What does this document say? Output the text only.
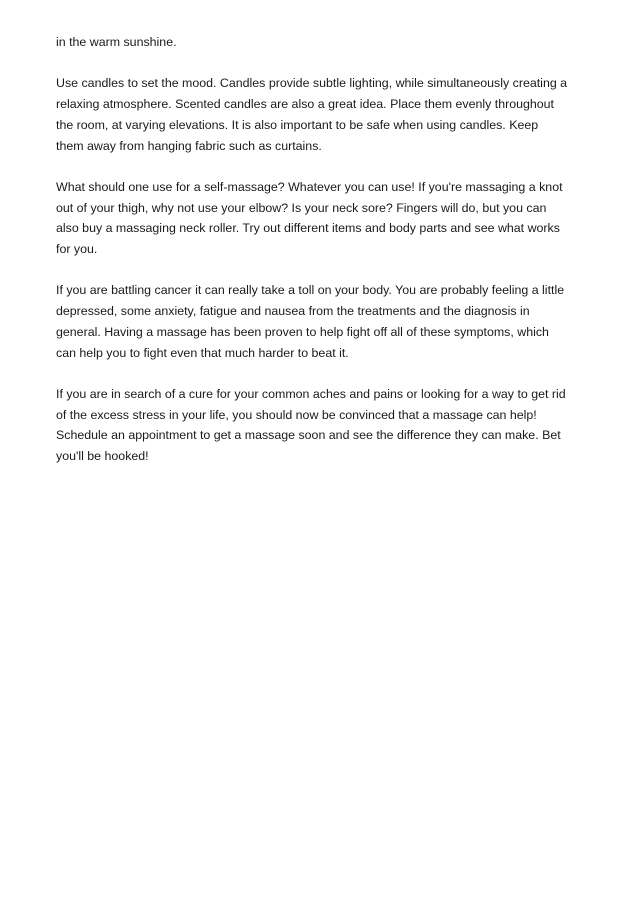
in the warm sunshine.

Use candles to set the mood. Candles provide subtle lighting, while simultaneously creating a
relaxing atmosphere. Scented candles are also a great idea. Place them evenly throughout
the room, at varying elevations. It is also important to be safe when using candles. Keep
them away from hanging fabric such as curtains.

What should one use for a self-massage? Whatever you can use! If you're massaging a knot
out of your thigh, why not use your elbow? Is your neck sore? Fingers will do, but you can
also buy a massaging neck roller. Try out different items and body parts and see what works
for you.

If you are battling cancer it can really take a toll on your body. You are probably feeling a little
depressed, some anxiety, fatigue and nausea from the treatments and the diagnosis in
general. Having a massage has been proven to help fight off all of these symptoms, which
can help you to fight even that much harder to beat it.

If you are in search of a cure for your common aches and pains or looking for a way to get rid
of the excess stress in your life, you should now be convinced that a massage can help!
Schedule an appointment to get a massage soon and see the difference they can make. Bet
you'll be hooked!
